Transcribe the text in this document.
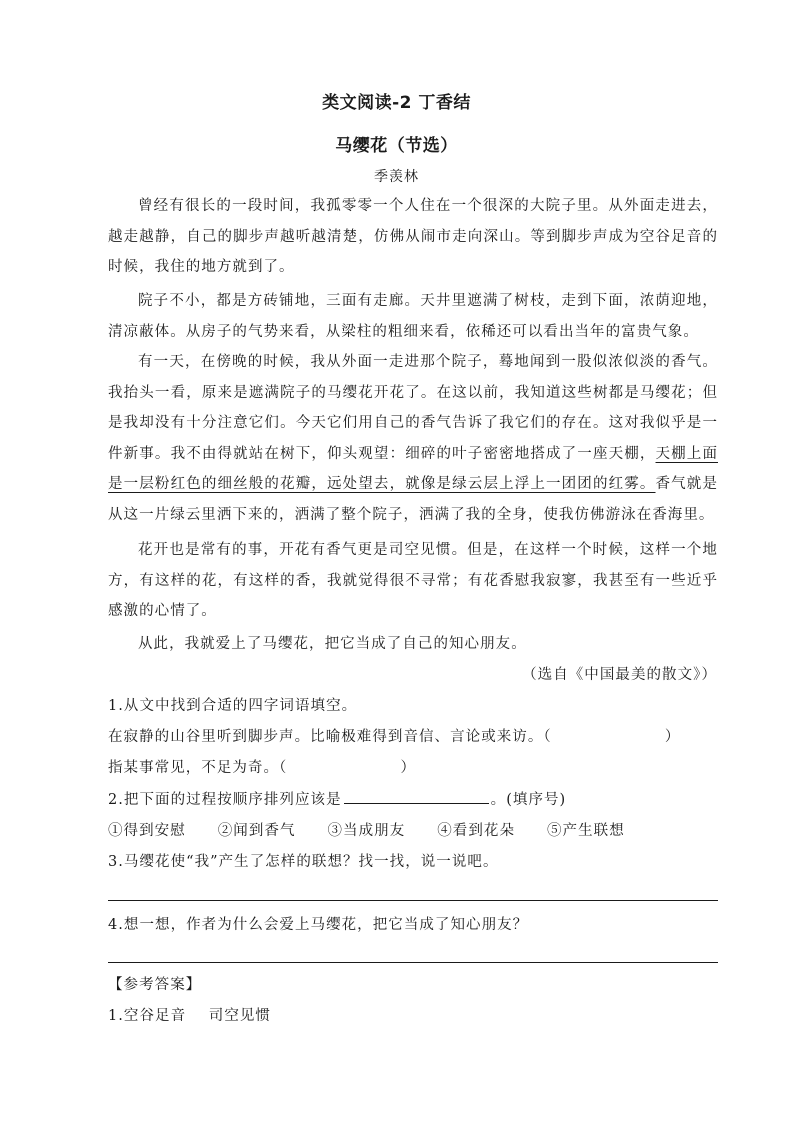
类文阅读-2 丁香结
马缨花（节选）
季羡林

曾经有很长的一段时间，我孤零零一个人住在一个很深的大院子里。从外面走进去，越走越静，自己的脚步声越听越清楚，仿佛从闹市走向深山。等到脚步声成为空谷足音的时候，我住的地方就到了。

院子不小，都是方砖铺地，三面有走廊。天井里遮满了树枝，走到下面，浓荫迎地，清凉蔽体。从房子的气势来看，从梁柱的粗细来看，依稀还可以看出当年的富贵气象。

有一天，在傍晚的时候，我从外面一走进那个院子，蓦地闻到一股似浓似淡的香气。我抬头一看，原来是遮满院子的马缨花开花了。在这以前，我知道这些树都是马缨花；但是我却没有十分注意它们。今天它们用自己的香气告诉了我它们的存在。这对我似乎是一件新事。我不由得就站在树下，仰头观望：细碎的叶子密密地搭成了一座天棚，天棚上面是一层粉红色的细丝般的花瓣，远处望去，就像是绿云层上浮上一团团的红雾。香气就是从这一片绿云里洒下来的，洒满了整个院子，洒满了我的全身，使我仿佛游泳在香海里。

花开也是常有的事，开花有香气更是司空见惯。但是，在这样一个时候，这样一个地方，有这样的花，有这样的香，我就觉得很不寻常；有花香慰我寂寥，我甚至有一些近乎感激的心情了。

从此，我就爱上了马缨花，把它当成了自己的知心朋友。

（选自《中国最美的散文》）
1.从文中找到合适的四字词语填空。
在寂静的山谷里听到脚步声。比喻极难得到音信、言论或来访。（                    ）
指某事常见，不足为奇。（                    ）
2.把下面的过程按顺序排列应该是	。(填序号)
①得到安慰 ②闻到香气 ③当成朋友 ④看到花朵 ⑤产生联想
3.马缨花使“我”产生了怎样的联想？找一找，说一说吧。
4.想一想，作者为什么会爱上马缨花，把它当成了知心朋友？
【参考答案】
1.空谷足音    司空见惯
